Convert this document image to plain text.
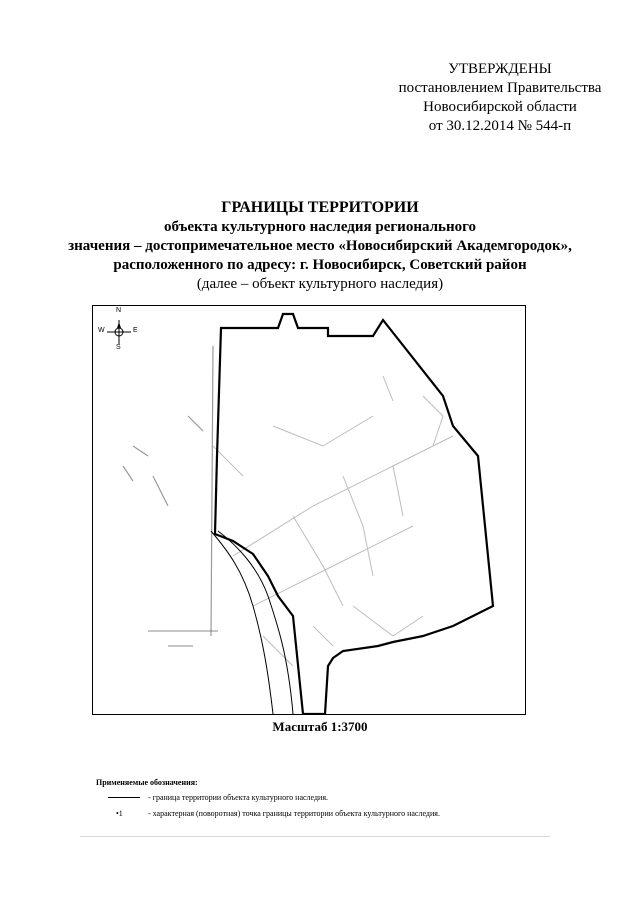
УТВЕРЖДЕНЫ
постановлением Правительства
Новосибирской области
от 30.12.2014 № 544-п
ГРАНИЦЫ ТЕРРИТОРИИ
объекта культурного наследия регионального
значения – достопримечательное место «Новосибирский Академгородок»,
расположенного по адресу: г. Новосибирск, Советский район
(далее – объект культурного наследия)
N
S
W	E
Масштаб 1:3700
Применяемые обозначения:
- граница территории объекта культурного наследия.
•1	- характерная (поворотная) точка границы территории объекта культурного наследия.
